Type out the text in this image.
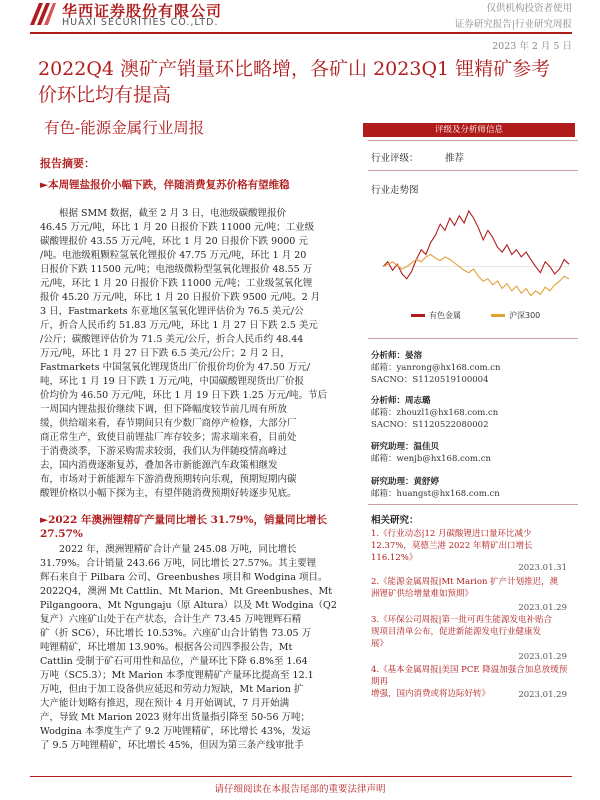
华西证券股份有限公司
HUAXI SECURITIES CO.,LTD.
仅供机构投资者使用
证券研究报告|行业研究周报
2023 年 2 月 5 日
2022Q4 澳矿产销量环比略增，各矿山 2023Q1 锂精矿参考价环比均有提高
有色-能源金属行业周报	评级及分析师信息
报告摘要：
►本周锂盐报价小幅下跌，伴随消费复苏价格有望维稳
　　根据 SMM 数据，截至 2 月 3 日，电池级碳酸锂报价
46.45 万元/吨，环比 1 月 20 日报价下跌 11000 元/吨；工业级
碳酸锂报价 43.55 万元/吨，环比 1 月 20 日报价下跌 9000 元
/吨。电池级粗颗粒氢氧化锂报价 47.75 万元/吨，环比 1 月 20
日报价下跌 11500 元/吨；电池级微粉型氢氧化锂报价 48.55 万
元/吨，环比 1 月 20 日报价下跌 11000 元/吨；工业级氢氧化锂
报价 45.20 万元/吨，环比 1 月 20 日报价下跌 9500 元/吨。2 月
3 日，Fastmarkets 东亚地区氢氧化锂评估价为 76.5 美元/公
斤，折合人民币约 51.83 万元/吨，环比 1 月 27 日下跌 2.5 美元
/公斤；碳酸锂评估价为 71.5 美元/公斤，折合人民币约 48.44
万元/吨，环比 1 月 27 日下跌 6.5 美元/公斤；2 月 2 日，
Fastmarkets 中国氢氧化锂现货出厂价报价均价为 47.50 万元/
吨，环比 1 月 19 日下跌 1 万元/吨，中国碳酸锂现货出厂价报
价均价为 46.50 万元/吨，环比 1 月 19 日下跌 1.25 万元/吨。节后
一周国内锂盐报价继续下调，但下降幅度较节前几周有所放
缓，供给端来看，春节期间只有少数厂商停产检修，大部分厂
商正常生产，致使目前锂盐厂库存较多；需求端来看，目前处
于消费淡季，下游采购需求较弱，我们认为伴随疫情高峰过
去，国内消费逐渐复苏，叠加各市新能源汽车政策相继发
布，市场对于新能源车下游消费预期转向乐观，预期短期内碳
酸锂价格以小幅下探为主，有望伴随消费预期好转逐步见底。
►2022 年澳洲锂精矿产量同比增长 31.79%，销量同比增长 27.57%
　　2022 年，澳洲锂精矿合计产量 245.08 万吨，同比增长
31.79%。合计销量 243.66 万吨，同比增长 27.57%。其主要锂
辉石来自于 Pilbara 公司、Greenbushes 项目和 Wodgina 项目。
2022Q4，澳洲 Mt Cattlin、Mt Marion、Mt Greenbushes、Mt
Pilgangoora、Mt Ngungaju（原 Altura）以及 Mt Wodgina（Q2
复产）六座矿山处于在产状态，合计生产 73.45 万吨锂辉石精
矿（折 SC6），环比增长 10.53%。六座矿山合计销售 73.05 万
吨锂精矿，环比增加 13.90%。根据各公司四季报公告，Mt
Cattlin 受制于矿石可用性和品位，产量环比下降 6.8%至 1.64
万吨（SC5.3）；Mt Marion 本季度锂精矿产量环比提高至 12.1
万吨，但由于加工设备供应延迟和劳动力短缺，Mt Marion 扩
大产能计划略有推迟，现在预计 4 月开始调试，7 月开始满
产，导致 Mt Marion 2023 财年出货量指引降至 50-56 万吨；
Wodgina 本季度生产了 9.2 万吨锂精矿，环比增长 43%，发运
了 9.5 万吨锂精矿，环比增长 45%，但因为第三条产线审批手
行业评级：	推荐
行业走势图
有色金属	沪深300
分析师：晏溶
邮箱：yanrong@hx168.com.cn
SACNO：S1120519100004
分析师：周志璐
邮箱：zhouzl1@hx168.com.cn
SACNO：S1120522080002
研究助理：温佳贝
邮箱：wenjb@hx168.com.cn
研究助理：黄舒婷
邮箱：huangst@hx168.com.cn
相关研究：
1.《行业动态|12 月碳酸锂进口量环比减少
12.37%，莫德兰港 2022 年精矿出口增长
116.12%》
2023.01.31
2.《能源金属周报|Mt Marion 扩产计划推迟，澳
洲锂矿供给增量难如预期》
2023.01.29
3.《环保公司周报|第一批可再生能源发电补贴合
规项目清单公布，促进新能源发电行业健康发
展》
2023.01.29
4.《基本金属周报|美国 PCE 降温加强合加息放缓预期再
增强，国内消费或将边际好转》	2023.01.29
请仔细阅读在本报告尾部的重要法律声明
